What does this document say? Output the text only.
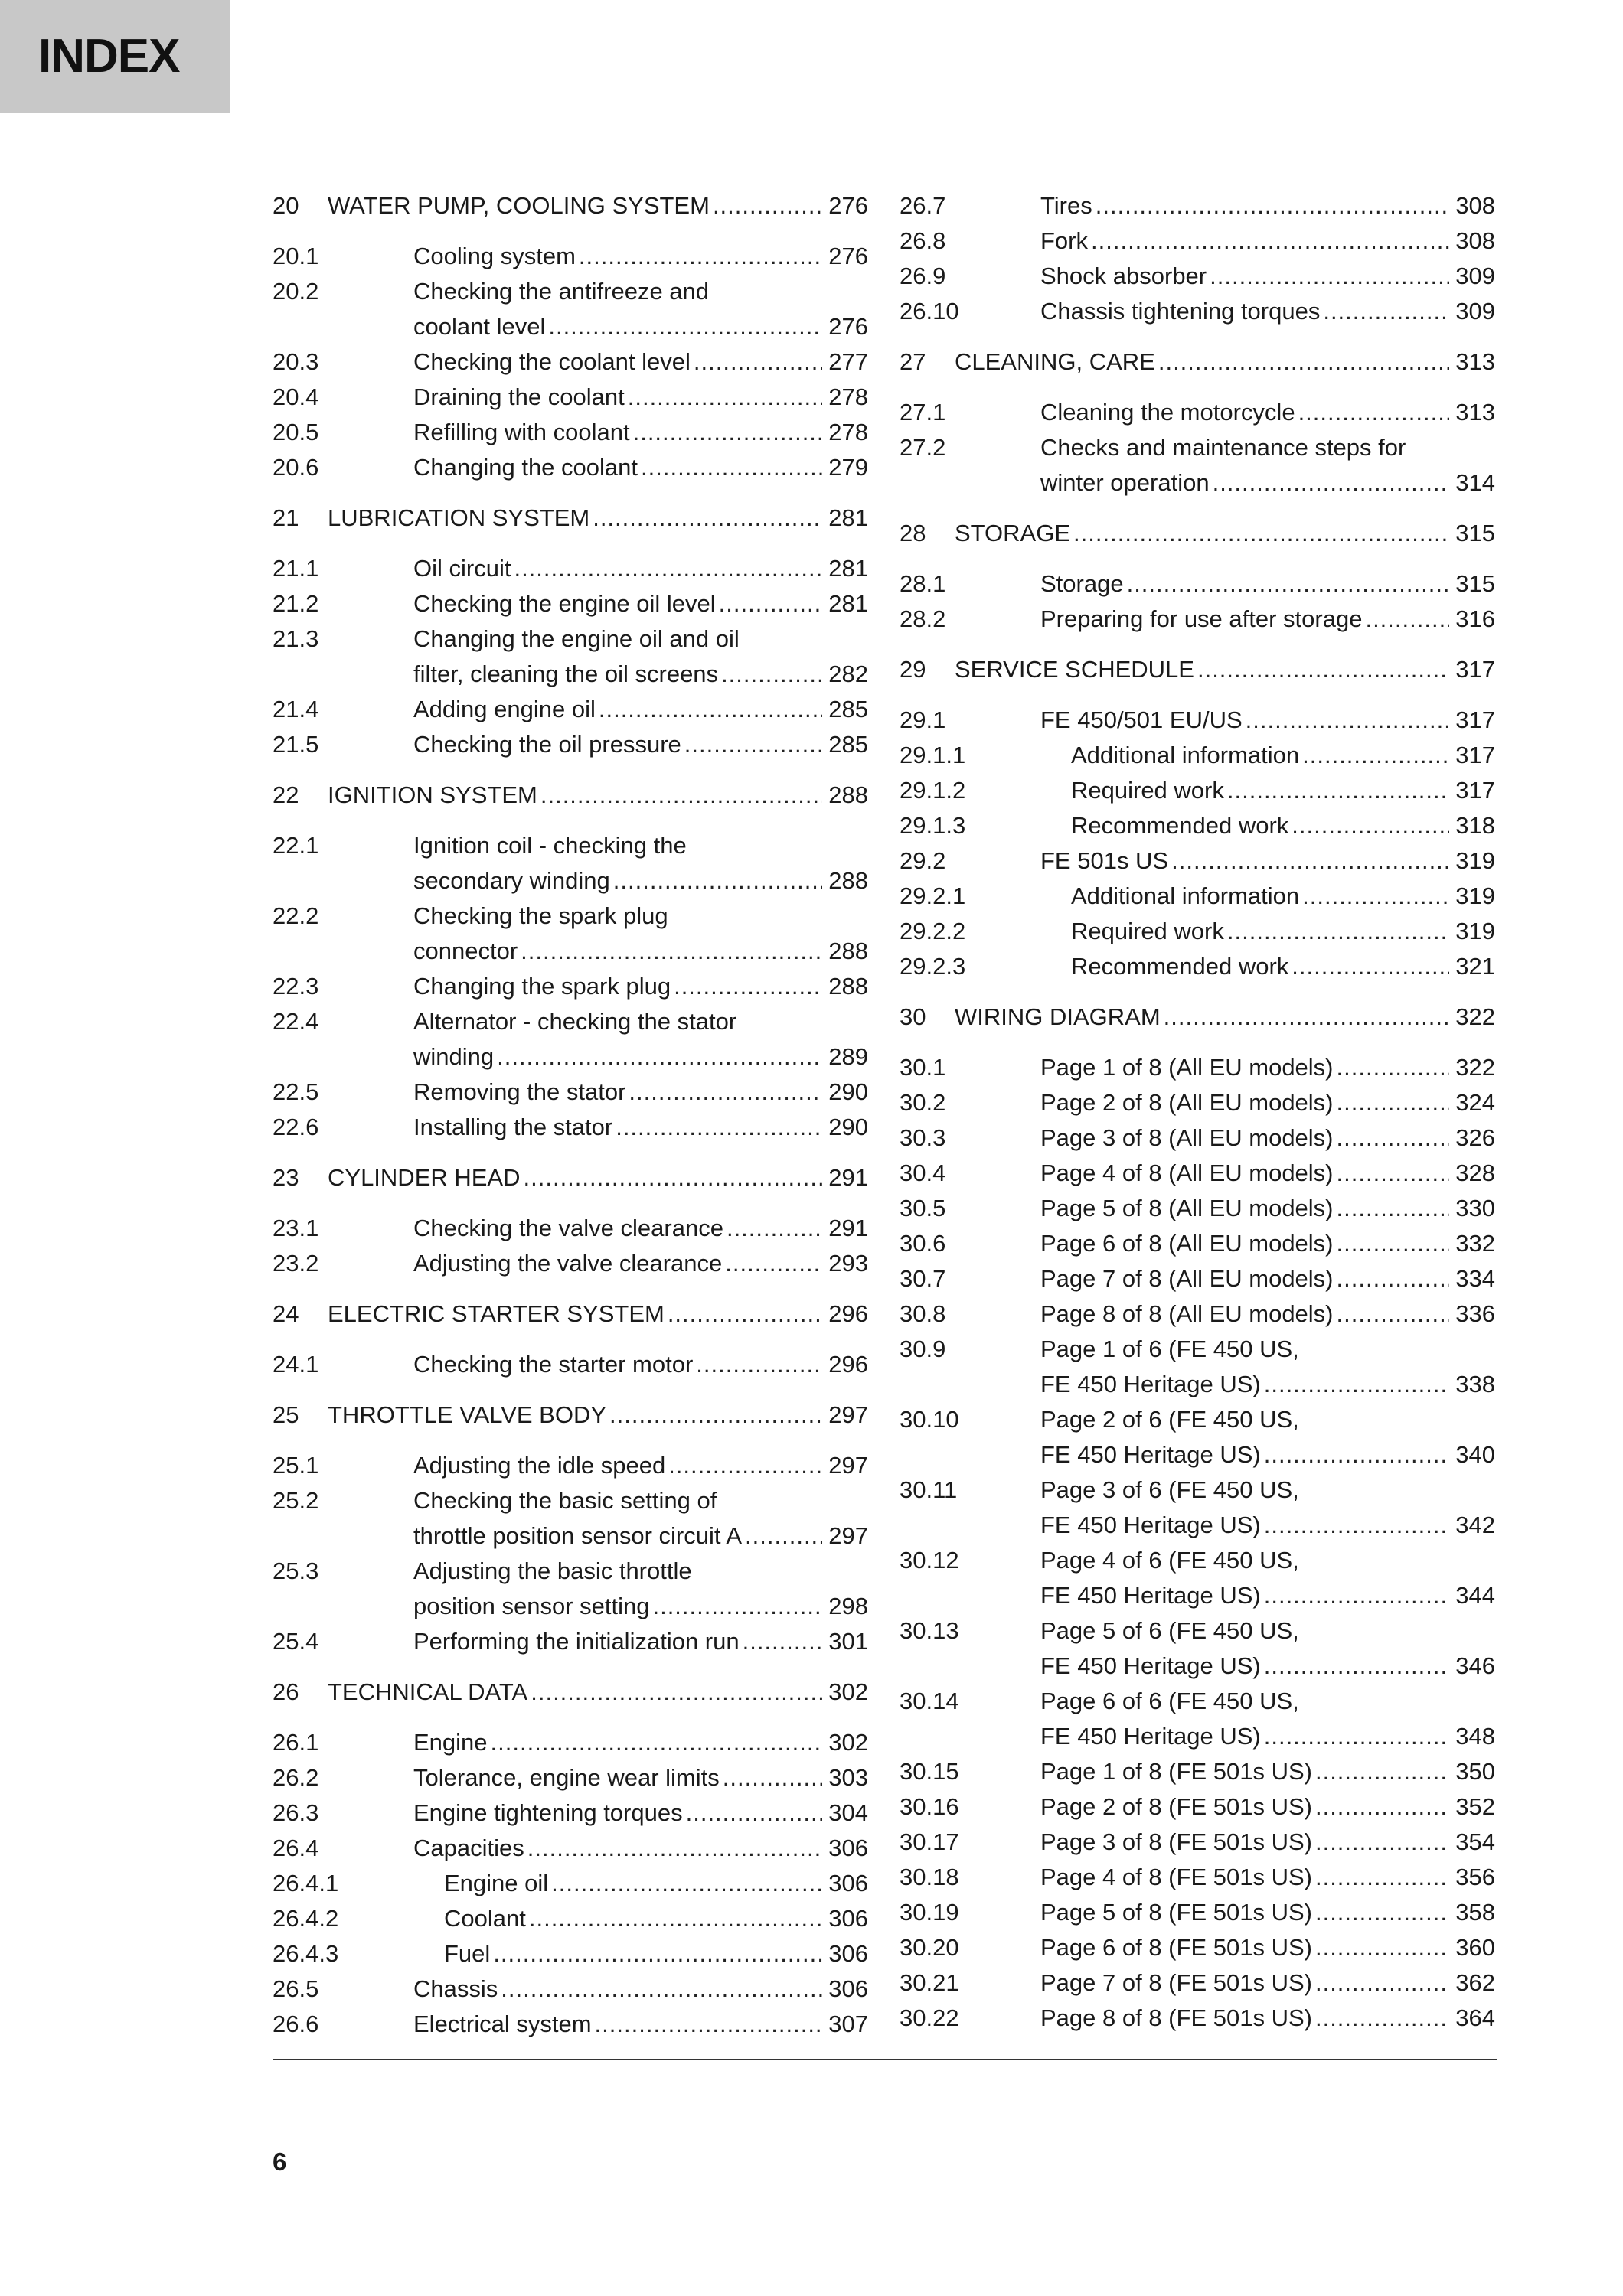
INDEX
20 WATER PUMP, COOLING SYSTEM .....	276
20.1	Cooling system .....	276
20.2	Checking the antifreeze and
coolant level .....	276
20.3	Checking the coolant level .....	277
20.4	Draining the coolant .....	278
20.5	Refilling with coolant .....	278
20.6	Changing the coolant .....	279
21 LUBRICATION SYSTEM .....	281
21.1	Oil circuit .....	281
21.2	Checking the engine oil level .....	281
21.3	Changing the engine oil and oil
filter, cleaning the oil screens .....	282
21.4	Adding engine oil .....	285
21.5	Checking the oil pressure .....	285
22 IGNITION SYSTEM .....	288
22.1	Ignition coil - checking the
secondary winding .....	288
22.2	Checking the spark plug
connector .....	288
22.3	Changing the spark plug .....	288
22.4	Alternator - checking the stator
winding .....	289
22.5	Removing the stator .....	290
22.6	Installing the stator .....	290
23 CYLINDER HEAD .....	291
23.1	Checking the valve clearance .....	291
23.2	Adjusting the valve clearance .....	293
24 ELECTRIC STARTER SYSTEM .....	296
24.1	Checking the starter motor .....	296
25 THROTTLE VALVE BODY .....	297
25.1	Adjusting the idle speed .....	297
25.2	Checking the basic setting of
throttle position sensor circuit A .....	297
25.3	Adjusting the basic throttle
position sensor setting .....	298
25.4	Performing the initialization run .....	301
26 TECHNICAL DATA .....	302
26.1	Engine .....	302
26.2	Tolerance, engine wear limits .....	303
26.3	Engine tightening torques .....	304
26.4	Capacities .....	306
26.4.1	Engine oil .....	306
26.4.2	Coolant .....	306
26.4.3	Fuel .....	306
26.5	Chassis .....	306
26.6	Electrical system .....	307
26.7	Tires .....	308
26.8	Fork .....	308
26.9	Shock absorber .....	309
26.10	Chassis tightening torques .....	309
27 CLEANING, CARE .....	313
27.1	Cleaning the motorcycle .....	313
27.2	Checks and maintenance steps for
winter operation .....	314
28 STORAGE .....	315
28.1	Storage .....	315
28.2	Preparing for use after storage .....	316
29 SERVICE SCHEDULE .....	317
29.1	FE 450/501 EU/US .....	317
29.1.1	Additional information .....	317
29.1.2	Required work .....	317
29.1.3	Recommended work .....	318
29.2	FE 501s US .....	319
29.2.1	Additional information .....	319
29.2.2	Required work .....	319
29.2.3	Recommended work .....	321
30 WIRING DIAGRAM .....	322
30.1	Page 1 of 8 (All EU models) .....	322
30.2	Page 2 of 8 (All EU models) .....	324
30.3	Page 3 of 8 (All EU models) .....	326
30.4	Page 4 of 8 (All EU models) .....	328
30.5	Page 5 of 8 (All EU models) .....	330
30.6	Page 6 of 8 (All EU models) .....	332
30.7	Page 7 of 8 (All EU models) .....	334
30.8	Page 8 of 8 (All EU models) .....	336
30.9	Page 1 of 6 (FE 450 US,
FE 450 Heritage US) .....	338
30.10	Page 2 of 6 (FE 450 US,
FE 450 Heritage US) .....	340
30.11	Page 3 of 6 (FE 450 US,
FE 450 Heritage US) .....	342
30.12	Page 4 of 6 (FE 450 US,
FE 450 Heritage US) .....	344
30.13	Page 5 of 6 (FE 450 US,
FE 450 Heritage US) .....	346
30.14	Page 6 of 6 (FE 450 US,
FE 450 Heritage US) .....	348
30.15	Page 1 of 8 (FE 501s US) .....	350
30.16	Page 2 of 8 (FE 501s US) .....	352
30.17	Page 3 of 8 (FE 501s US) .....	354
30.18	Page 4 of 8 (FE 501s US) .....	356
30.19	Page 5 of 8 (FE 501s US) .....	358
30.20	Page 6 of 8 (FE 501s US) .....	360
30.21	Page 7 of 8 (FE 501s US) .....	362
30.22	Page 8 of 8 (FE 501s US) .....	364
6
